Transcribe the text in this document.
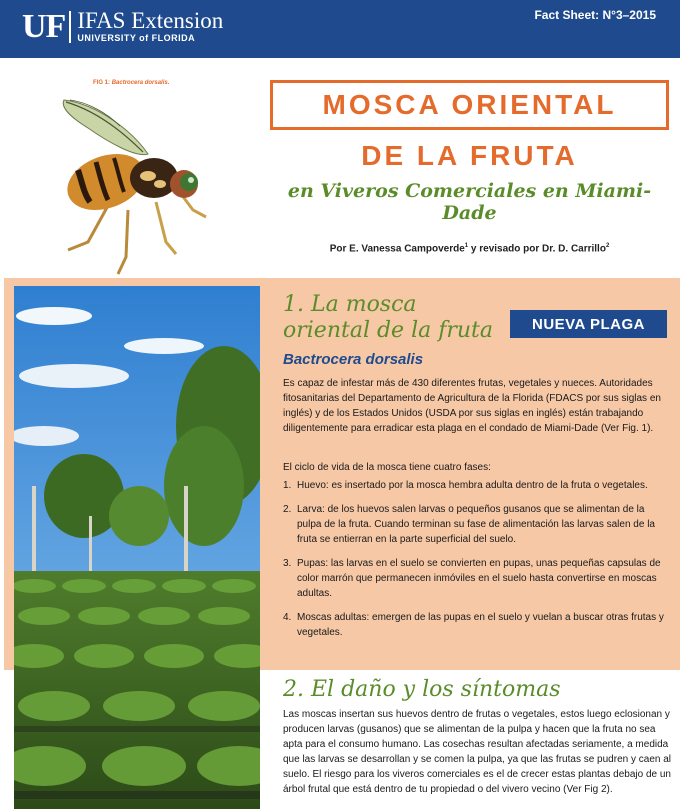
UF IFAS Extension
UNIVERSITY of FLORIDA
Fact Sheet: N°3–2015
FIG 1: Bactrocera dorsalis.
MOSCA ORIENTAL
DE LA FRUTA
en Viveros Comerciales en Miami-Dade
Por E. Vanessa Campoverde$^1$ y revisado por Dr. D. Carrillo$^2$
1. La mosca oriental de la fruta	NUEVA PLAGA
Bactrocera dorsalis
Es capaz de infestar más de 430 diferentes frutas, vegetales y nueces. Autoridades fitosanitarias del Departamento de Agricultura de la Florida (FDACS por sus siglas en inglés) y de los Estados Unidos (USDA por sus siglas en inglés) están trabajando diligentemente para erradicar esta plaga en el condado de Miami-Dade (Ver Fig. 1).
El ciclo de vida de la mosca tiene cuatro fases:
1. Huevo: es insertado por la mosca hembra adulta dentro de la fruta o vegetales.
2. Larva: de los huevos salen larvas o pequeños gusanos que se alimentan de la pulpa de la fruta. Cuando terminan su fase de alimentación las larvas salen de la fruta se entierran en la parte superficial del suelo.
3. Pupas: las larvas en el suelo se convierten en pupas, unas pequeñas capsulas de color marrón que permanecen inmóviles en el suelo hasta convertirse en moscas adultas.
4. Moscas adultas: emergen de las pupas en el suelo y vuelan a buscar otras frutas y vegetales.
2. El daño y los síntomas
Las moscas insertan sus huevos dentro de frutas o vegetales, estos luego eclosionan y producen larvas (gusanos) que se alimentan de la pulpa y hacen que la fruta no sea apta para el consumo humano. Las cosechas resultan afectadas seriamente, a medida que las larvas se desarrollan y se comen la pulpa, ya que las frutas se pudren y caen al suelo. El riesgo para los viveros comerciales es el de crecer estas plantas debajo de un árbol frutal que está dentro de tu propiedad o del vivero vecino (Ver Fig 2).
